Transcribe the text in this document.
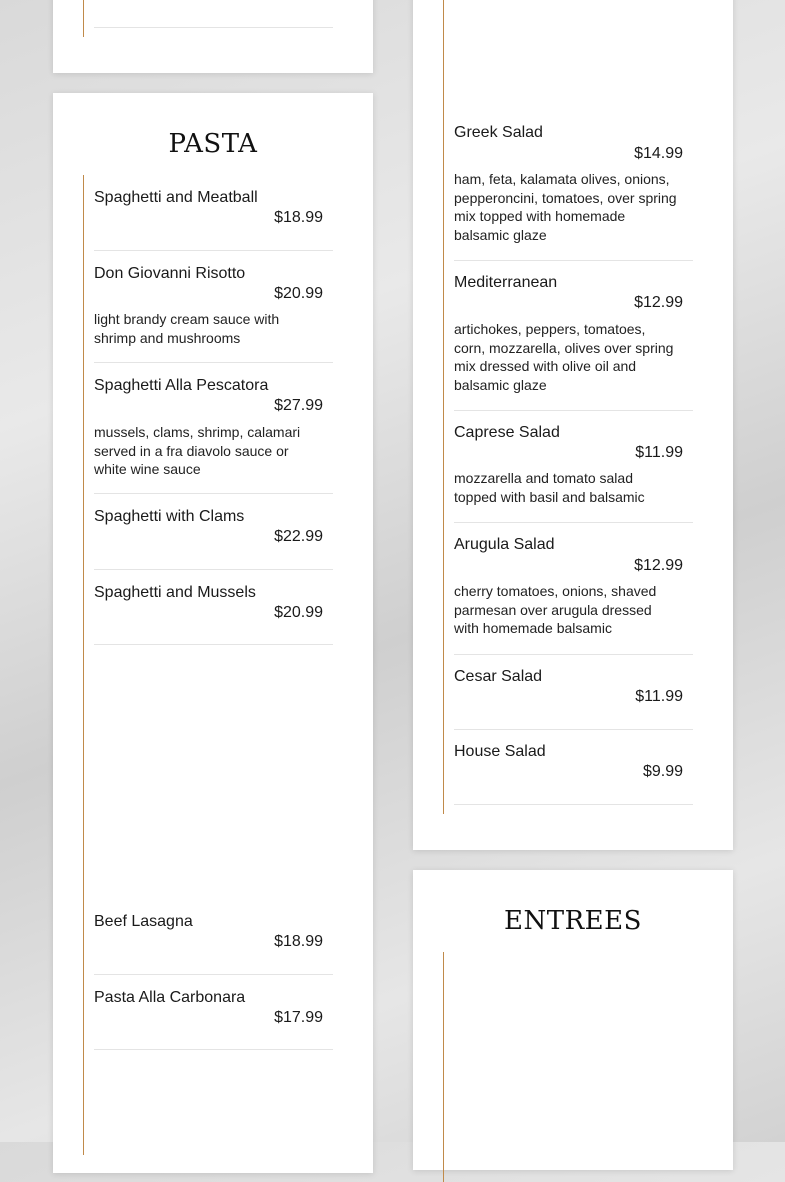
PASTA
Spaghetti and Meatball
$18.99
Don Giovanni Risotto
$20.99
light brandy cream sauce with shrimp and mushrooms
Spaghetti Alla Pescatora
$27.99
mussels, clams, shrimp, calamari served in a fra diavolo sauce or white wine sauce
Spaghetti with Clams
$22.99
Spaghetti and Mussels
$20.99
Beef Lasagna
$18.99
Pasta Alla Carbonara
$17.99
Greek Salad
$14.99
ham, feta, kalamata olives, onions, pepperoncini, tomatoes, over spring mix topped with homemade balsamic glaze
Mediterranean
$12.99
artichokes, peppers, tomatoes, corn, mozzarella, olives over spring mix dressed with olive oil and balsamic glaze
Caprese Salad
$11.99
mozzarella and tomato salad topped with basil and balsamic
Arugula Salad
$12.99
cherry tomatoes, onions, shaved parmesan over arugula dressed with homemade balsamic
Cesar Salad
$11.99
House Salad
$9.99
ENTREES
